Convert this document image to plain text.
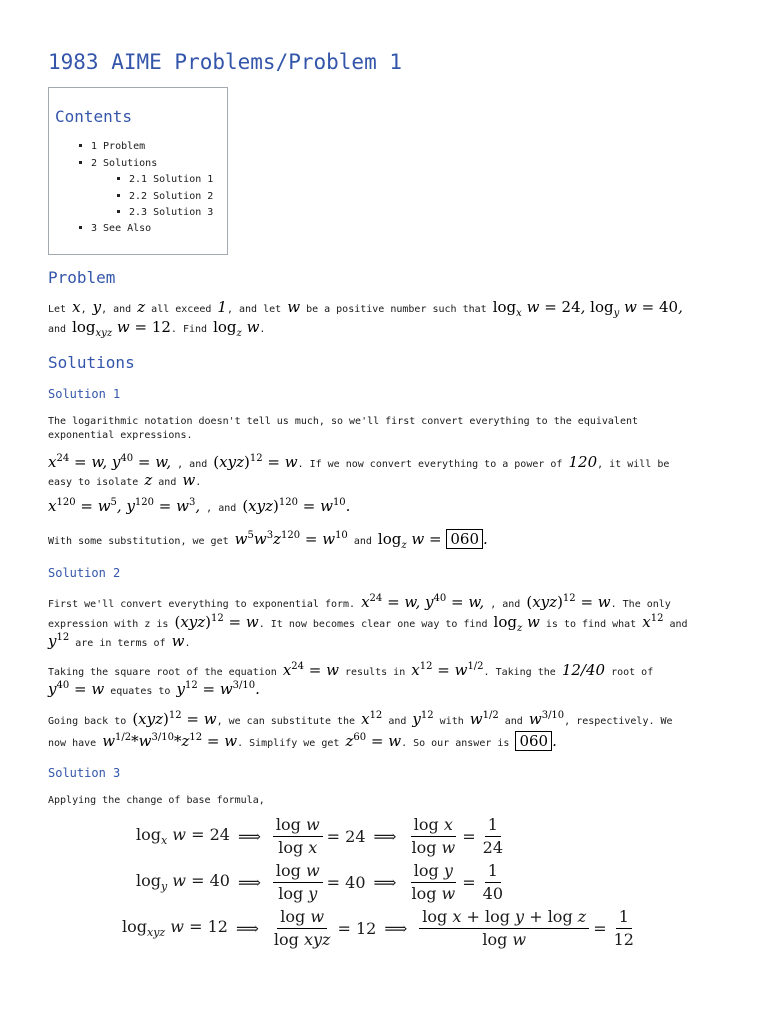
1983 AIME Problems/Problem 1
Contents
1 Problem
2 Solutions
2.1 Solution 1
2.2 Solution 2
2.3 Solution 3
3 See Also
Problem
Let x, y, and z all exceed 1, and let w be a positive number such that $\log_x w = 24$, $\log_y w = 40$,
and $\log_{xyz} w = 12$. Find $\log_z w$.
Solutions
Solution 1
The logarithmic notation doesn't tell us much, so we'll first convert everything to the equivalent
exponential expressions.
$x^{24} = w$, $y^{40} = w$, , and (xyz)$^{12}$ = w. If we now convert everything to a power of 120, it will be
easy to isolate z and w.
$x^{120} = w^5$, $y^{120} = w^3$, , and $(xyz)^{120} = w^{10}$.
With some substitution, we get $w^5w^3z^{120} = w^{10}$ and $\log_z w = 060$ .
Solution 2
First we'll convert everything to exponential form. $x^{24} = w$, $y^{40} = w$, , and (xyz)$^{12}$ = w. The only
expression with z is (xyz)$^{12}$ = w. It now becomes clear one way to find $\log_z w$ is to find what $x^{12}$ and
$y^{12}$ are in terms of w.
Taking the square root of the equation $x^{24} = w$ results in $x^{12} = w^{1/2}$. Taking the 12/40 root of
$y^{40} = w$ equates to $y^{12} = w^{3/10}$.
Going back to (xyz)$^{12}$ = w, we can substitute the $x^{12}$ and $y^{12}$ with $w^{1/2}$ and $w^{3/10}$, respectively. We
now have $w^{1/2}*w^{3/10}*z^{12} = w$. Simplify we get $z^{60} = w$. So our answer is 060 .
Solution 3
Applying the change of base formula,
$\log_x w = 24$ ⟹ $\frac{\text{log w}}{\text{log x}} = 24$ ⟹ $\frac{\text{log x}}{\text{log w}} = \frac{1}{24}$
$\log_y w = 40$ ⟹ $\frac{\text{log w}}{\text{log y}} = 40$ ⟹ $\frac{\text{log y}}{\text{log w}} = \frac{1}{40}$
$\log_{xyz} w = 12$ ⟹ $\frac{\text{log w}}{\text{log xyz}} = 12$ ⟹ $\frac{\text{log x + log y + log z}}{\text{log w}} = \frac{1}{12}$
